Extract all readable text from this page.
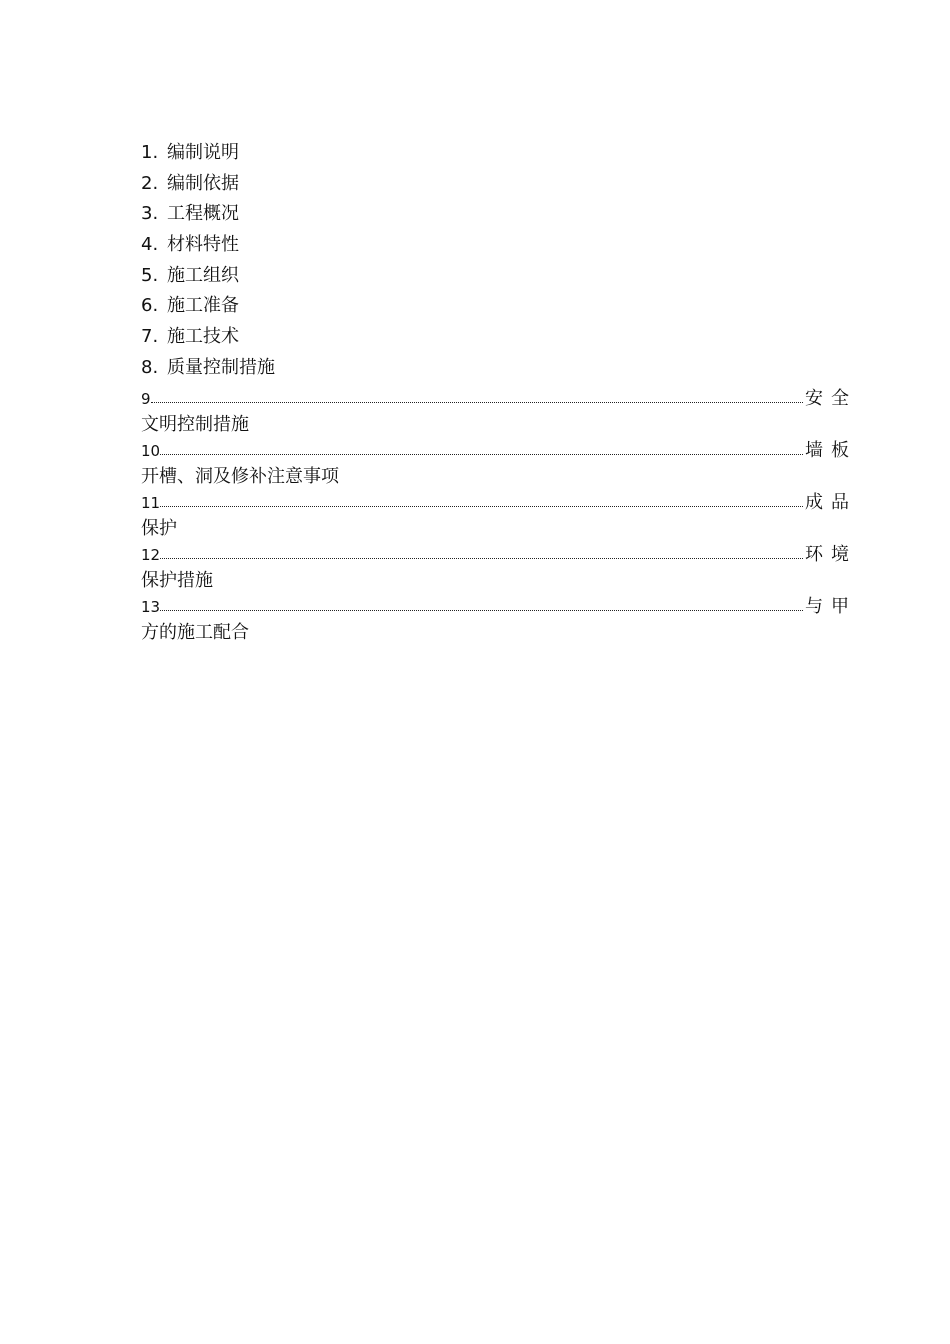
1. 编制说明
2. 编制依据
3. 工程概况
4. 材料特性
5. 施工组织
6. 施工准备
7. 施工技术
8. 质量控制措施
9	安全
文明控制措施
10	墙板
开槽、洞及修补注意事项
11	成品
保护
12	环境
保护措施
13	与甲
方的施工配合
